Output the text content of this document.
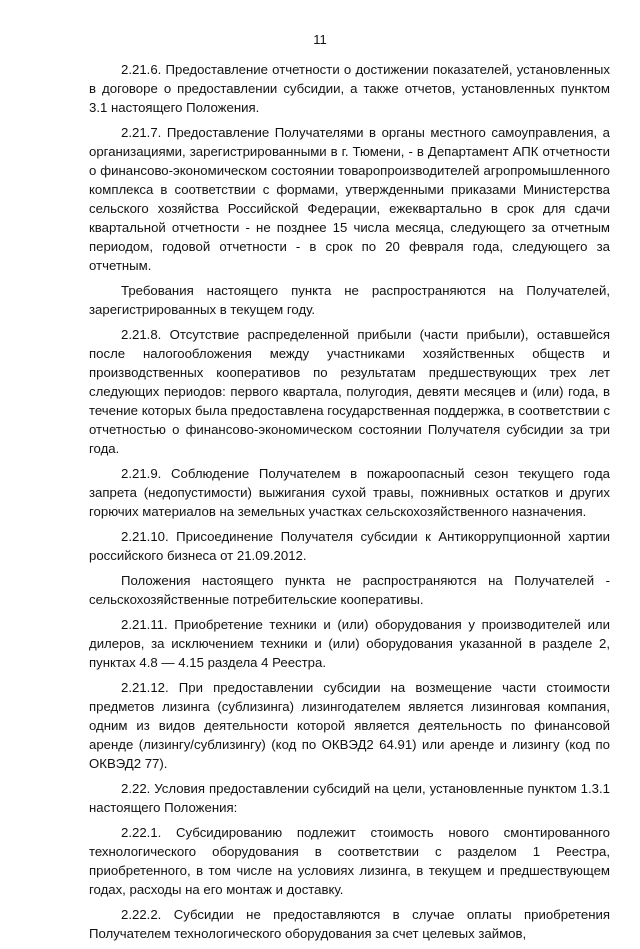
11

2.21.6. Предоставление отчетности о достижении показателей, установленных в договоре о предоставлении субсидии, а также отчетов, установленных пунктом 3.1 настоящего Положения.

2.21.7. Предоставление Получателями в органы местного самоуправления, а организациями, зарегистрированными в г. Тюмени, - в Департамент АПК отчетности о финансово-экономическом состоянии товаропроизводителей агропромышленного комплекса в соответствии с формами, утвержденными приказами Министерства сельского хозяйства Российской Федерации, ежеквартально в срок для сдачи квартальной отчетности - не позднее 15 числа месяца, следующего за отчетным периодом, годовой отчетности - в срок по 20 февраля года, следующего за отчетным.

Требования настоящего пункта не распространяются на Получателей, зарегистрированных в текущем году.

2.21.8. Отсутствие распределенной прибыли (части прибыли), оставшейся после налогообложения между участниками хозяйственных обществ и производственных кооперативов по результатам предшествующих трех лет следующих периодов: первого квартала, полугодия, девяти месяцев и (или) года, в течение которых была предоставлена государственная поддержка, в соответствии с отчетностью о финансово-экономическом состоянии Получателя субсидии за три года.

2.21.9. Соблюдение Получателем в пожароопасный сезон текущего года запрета (недопустимости) выжигания сухой травы, пожнивных остатков и других горючих материалов на земельных участках сельскохозяйственного назначения.

2.21.10. Присоединение Получателя субсидии к Антикоррупционной хартии российского бизнеса от 21.09.2012.

Положения настоящего пункта не распространяются на Получателей - сельскохозяйственные потребительские кооперативы.

2.21.11. Приобретение техники и (или) оборудования у производителей или дилеров, за исключением техники и (или) оборудования указанной в разделе 2, пунктах 4.8 — 4.15 раздела 4 Реестра.

2.21.12. При предоставлении субсидии на возмещение части стоимости предметов лизинга (сублизинга) лизингодателем является лизинговая компания, одним из видов деятельности которой является деятельность по финансовой аренде (лизингу/сублизингу) (код по ОКВЭД2 64.91) или аренде и лизингу (код по ОКВЭД2 77).

2.22. Условия предоставлении субсидий на цели, установленные пунктом 1.3.1 настоящего Положения:

2.22.1. Субсидированию подлежит стоимость нового смонтированного технологического оборудования в соответствии с разделом 1 Реестра, приобретенного, в том числе на условиях лизинга, в текущем и предшествующем годах, расходы на его монтаж и доставку.

2.22.2. Субсидии не предоставляются в случае оплаты приобретения Получателем технологического оборудования за счет целевых займов,
